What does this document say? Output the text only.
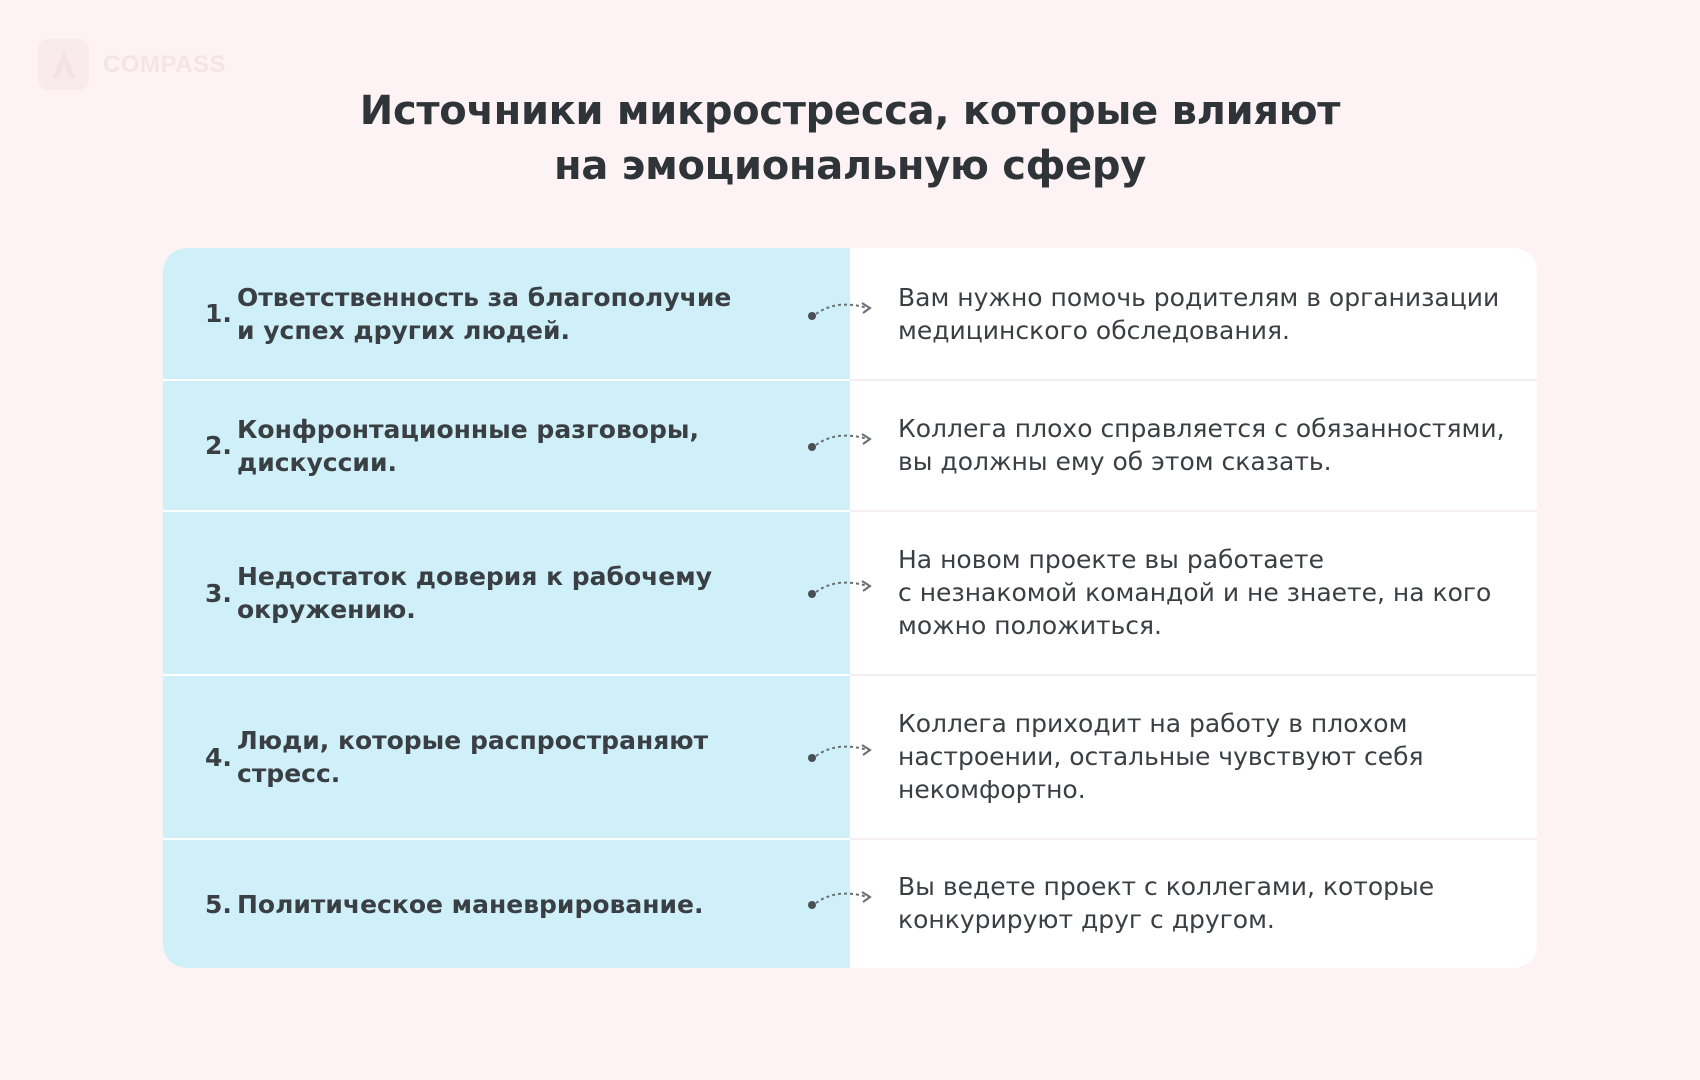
COMPASS
Источники микрострессa, которые влияют
на эмоциональную сферу
1.
Ответственность за благополучие
и успех других людей.
Вам нужно помочь родителям в организации
медицинского обследования.
2.
Конфронтационные разговоры,
дискуссии.
Коллега плохо справляется с обязанностями,
вы должны ему об этом сказать.
3.
Недостаток доверия к рабочему
окружению.
На новом проекте вы работаете
с незнакомой командой и не знаете, на кого
можно положиться.
4.
Люди, которые распространяют стресс.
Коллега приходит на работу в плохом
настроении, остальные чувствуют себя
некомфортно.
5. Политическое маневрирование.
Вы ведете проект с коллегами, которые
конкурируют друг с другом.
